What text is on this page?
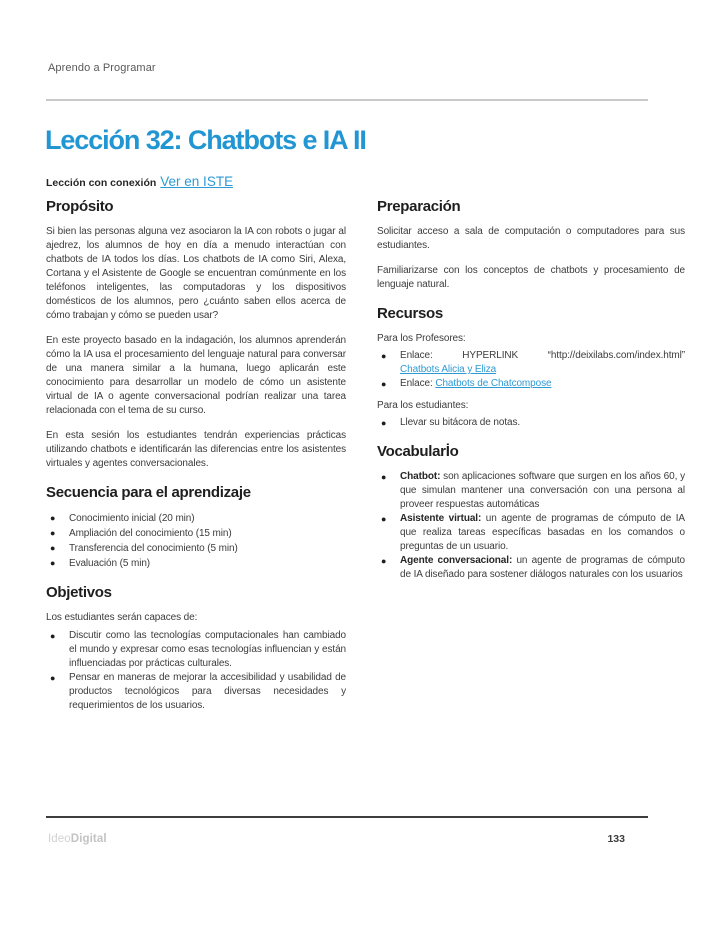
Aprendo a Programar
Lección 32: Chatbots e IA II
Lección con conexión Ver en ISTE
Propósito

Si bien las personas alguna vez asociaron la IA con robots o jugar al ajedrez, los alumnos de hoy en día a menudo interactúan con chatbots de IA todos los días. Los chatbots de IA como Siri, Alexa, Cortana y el Asistente de Google se encuentran comúnmente en los teléfonos inteligentes, las computadoras y los dispositivos domésticos de los alumnos, pero ¿cuánto saben ellos acerca de cómo trabajan y cómo se pueden usar?

En este proyecto basado en la indagación, los alumnos aprenderán cómo la IA usa el procesamiento del lenguaje natural para conversar de una manera similar a la humana, luego aplicarán este conocimiento para desarrollar un modelo de cómo un asistente virtual de IA o agente conversacional podrían realizar una tarea relacionada con el tema de su curso.

En esta sesión los estudiantes tendrán experiencias prácticas utilizando chatbots e identificarán las diferencias entre los asistentes virtuales y agentes conversacionales.

Secuencia para el aprendizaje
●	Conocimiento inicial (20 min)
●	Ampliación del conocimiento (15 min)
●	Transferencia del conocimiento (5 min)
●	Evaluación (5 min)
Objetivos

Los estudiantes serán capaces de:

●	Discutir como las tecnologías computacionales han cambiado el mundo y expresar como esas tecnologías influencian y están influenciadas por prácticas culturales.
●	Pensar en maneras de mejorar la accesibilidad y usabilidad de productos tecnológicos para diversas necesidades y requerimientos de los usuarios.
Preparación

Solicitar acceso a sala de computación o computadores para sus estudiantes.

Familiarizarse con los conceptos de chatbots y procesamiento de lenguaje natural.

Recursos

Para los Profesores:

●	Enlace: HYPERLINK “http://deixilabs.com/index.html” Chatbots Alicia y Eliza
●	Enlace: Chatbots de Chatcompose

Para los estudiantes:

●	Llevar su bitácora de notas.
Vocabularİo
●	Chatbot: son aplicaciones software que surgen en los años 60, y que simulan mantener una conversación con una persona al proveer respuestas automáticas
●	Asistente virtual: un agente de programas de cómputo de IA que realiza tareas específicas basadas en los comandos o preguntas de un usuario.
●	Agente conversacional: un agente de programas de cómputo de IA diseñado para sostener diálogos naturales con los usuarios
IdeoDigital	133
